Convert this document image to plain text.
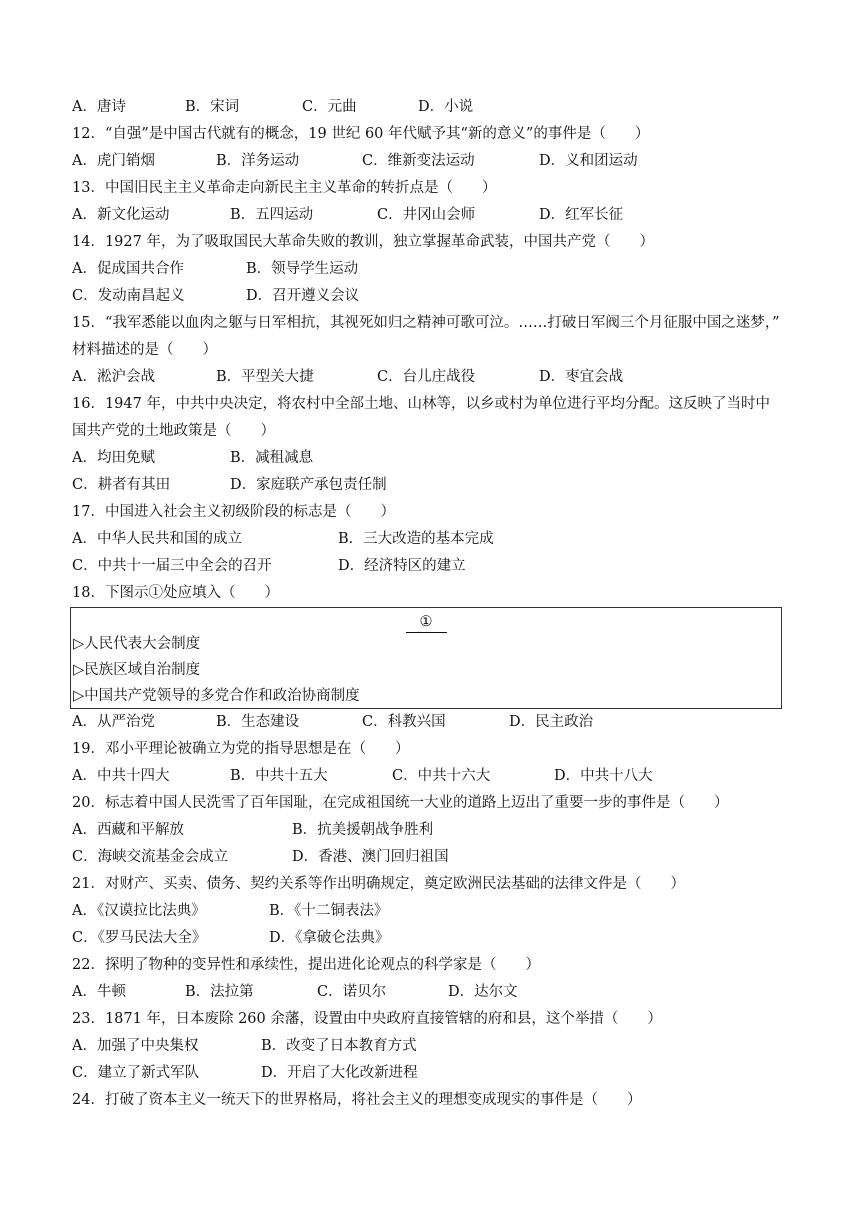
A．唐诗	B．宋词	C．元曲	D．小说
12．“自强”是中国古代就有的概念，19 世纪 60 年代赋予其“新的意义”的事件是（　　）
A．虎门销烟	B．洋务运动	C．维新变法运动	D．义和团运动
13．中国旧民主主义革命走向新民主主义革命的转折点是（　　）
A．新文化运动	B．五四运动	C．井冈山会师	D．红军长征
14．1927 年，为了吸取国民大革命失败的教训，独立掌握革命武装，中国共产党（　　）
A．促成国共合作	B．领导学生运动
C．发动南昌起义	D．召开遵义会议
15．“我军悉能以血肉之躯与日军相抗，其视死如归之精神可歌可泣。……打破日军阀三个月征服中国之迷梦，”
材料描述的是（　　）
A．淞沪会战	B．平型关大捷	C．台儿庄战役	D．枣宜会战
16．1947 年，中共中央决定，将农村中全部土地、山林等，以乡或村为单位进行平均分配。这反映了当时中
国共产党的土地政策是（　　）
A．均田免赋	B．减租减息
C．耕者有其田	D．家庭联产承包责任制
17．中国进入社会主义初级阶段的标志是（　　）
A．中华人民共和国的成立	B．三大改造的基本完成
C．中共十一届三中全会的召开	D．经济特区的建立
18．下图示①处应填入（　　）
①
▷人民代表大会制度
▷民族区域自治制度
▷中国共产党领导的多党合作和政治协商制度
A．从严治党	B．生态建设	C．科教兴国	D．民主政治
19．邓小平理论被确立为党的指导思想是在（　　）
A．中共十四大	B．中共十五大	C．中共十六大	D．中共十八大
20．标志着中国人民洗雪了百年国耻，在完成祖国统一大业的道路上迈出了重要一步的事件是（　　）
A．西藏和平解放	B．抗美援朝战争胜利
C．海峡交流基金会成立	D．香港、澳门回归祖国
21．对财产、买卖、债务、契约关系等作出明确规定，奠定欧洲民法基础的法律文件是（　　）
A．《汉谟拉比法典》	B．《十二铜表法》
C．《罗马民法大全》	D．《拿破仑法典》
22．探明了物种的变异性和承续性，提出进化论观点的科学家是（　　）
A．牛顿	B．法拉第	C．诺贝尔	D．达尔文
23．1871 年，日本废除 260 余藩，设置由中央政府直接管辖的府和县，这个举措（　　）
A．加强了中央集权	B．改变了日本教育方式
C．建立了新式军队	D．开启了大化改新进程
24．打破了资本主义一统天下的世界格局，将社会主义的理想变成现实的事件是（　　）
